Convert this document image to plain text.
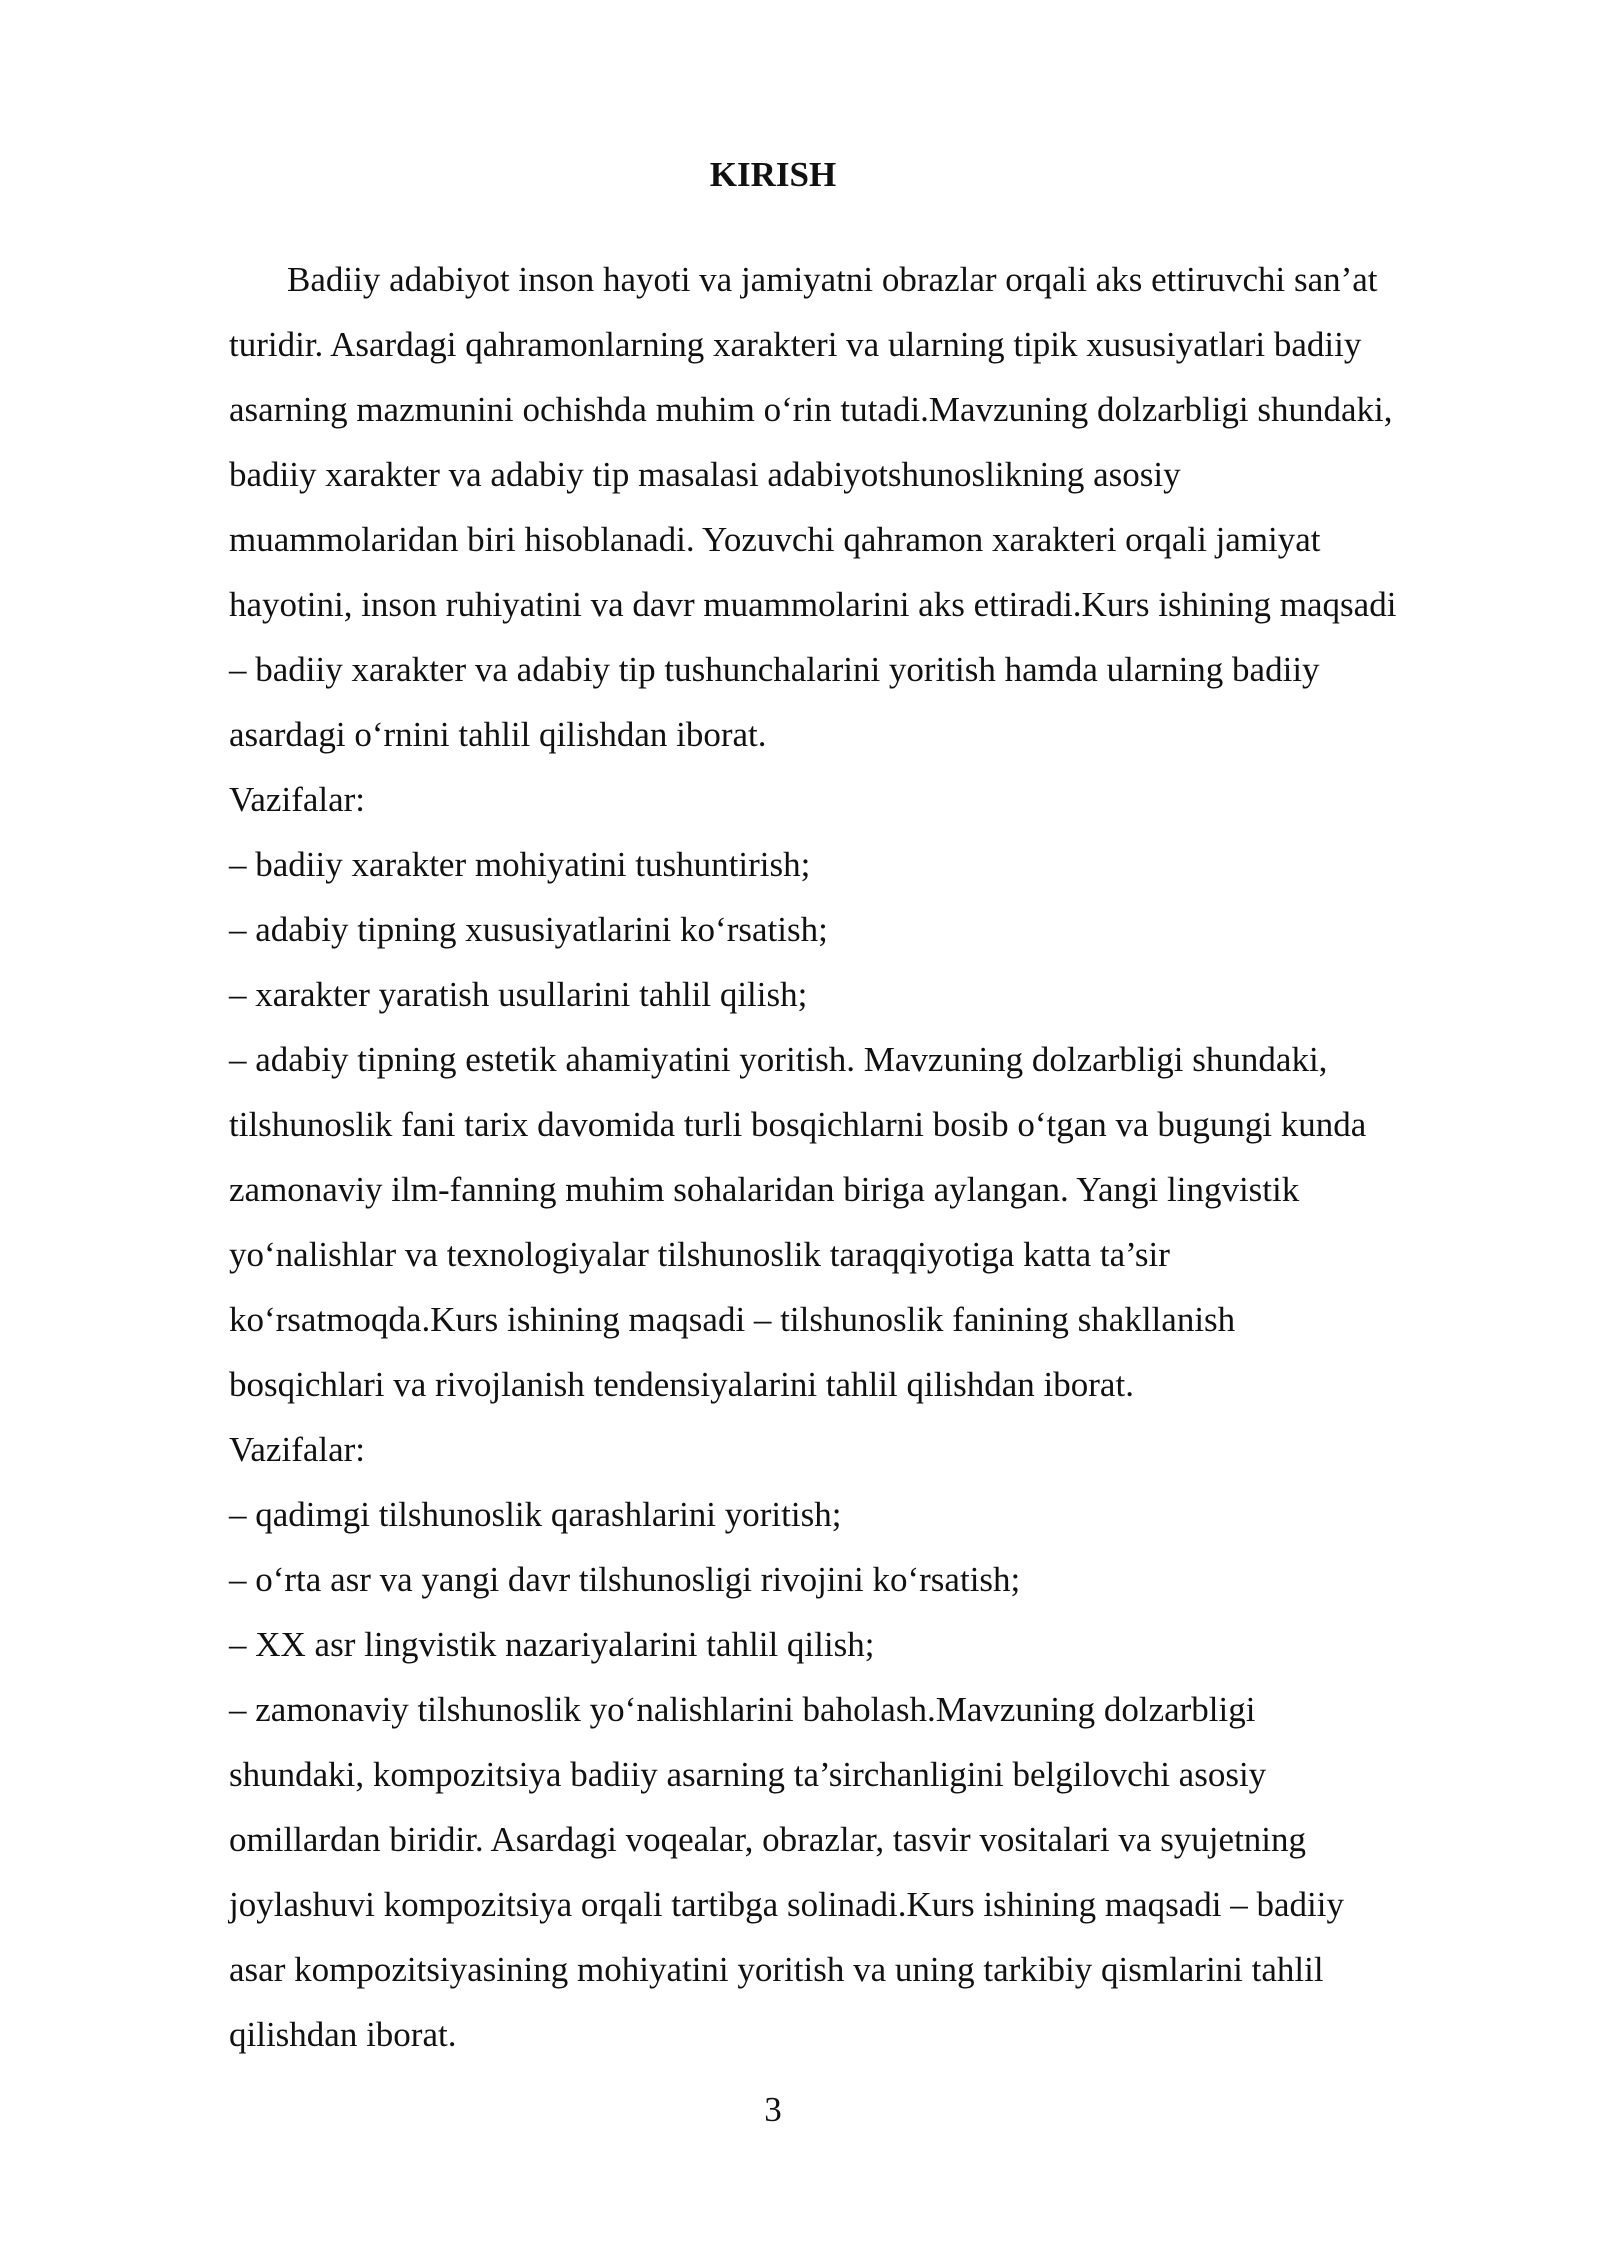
KIRISH
Badiiy adabiyot inson hayoti va jamiyatni obrazlar orqali aks ettiruvchi san’at
turidir. Asardagi qahramonlarning xarakteri va ularning tipik xususiyatlari badiiy
asarning mazmunini ochishda muhim o‘rin tutadi.Mavzuning dolzarbligi shundaki,
badiiy xarakter va adabiy tip masalasi adabiyotshunoslikning asosiy
muammolaridan biri hisoblanadi. Yozuvchi qahramon xarakteri orqali jamiyat
hayotini, inson ruhiyatini va davr muammolarini aks ettiradi.Kurs ishining maqsadi
– badiiy xarakter va adabiy tip tushunchalarini yoritish hamda ularning badiiy
asardagi o‘rnini tahlil qilishdan iborat.
Vazifalar:
– badiiy xarakter mohiyatini tushuntirish;
– adabiy tipning xususiyatlarini ko‘rsatish;
– xarakter yaratish usullarini tahlil qilish;
– adabiy tipning estetik ahamiyatini yoritish. Mavzuning dolzarbligi shundaki,
tilshunoslik fani tarix davomida turli bosqichlarni bosib o‘tgan va bugungi kunda
zamonaviy ilm-fanning muhim sohalaridan biriga aylangan. Yangi lingvistik
yo‘nalishlar va texnologiyalar tilshunoslik taraqqiyotiga katta ta’sir
ko‘rsatmoqda.Kurs ishining maqsadi – tilshunoslik fanining shakllanish
bosqichlari va rivojlanish tendensiyalarini tahlil qilishdan iborat.
Vazifalar:
– qadimgi tilshunoslik qarashlarini yoritish;
– o‘rta asr va yangi davr tilshunosligi rivojini ko‘rsatish;
– XX asr lingvistik nazariyalarini tahlil qilish;
– zamonaviy tilshunoslik yo‘nalishlarini baholash.Mavzuning dolzarbligi
shundaki, kompozitsiya badiiy asarning ta’sirchanligini belgilovchi asosiy
omillardan biridir. Asardagi voqealar, obrazlar, tasvir vositalari va syujetning
joylashuvi kompozitsiya orqali tartibga solinadi.Kurs ishining maqsadi – badiiy
asar kompozitsiyasining mohiyatini yoritish va uning tarkibiy qismlarini tahlil
qilishdan iborat.
3
